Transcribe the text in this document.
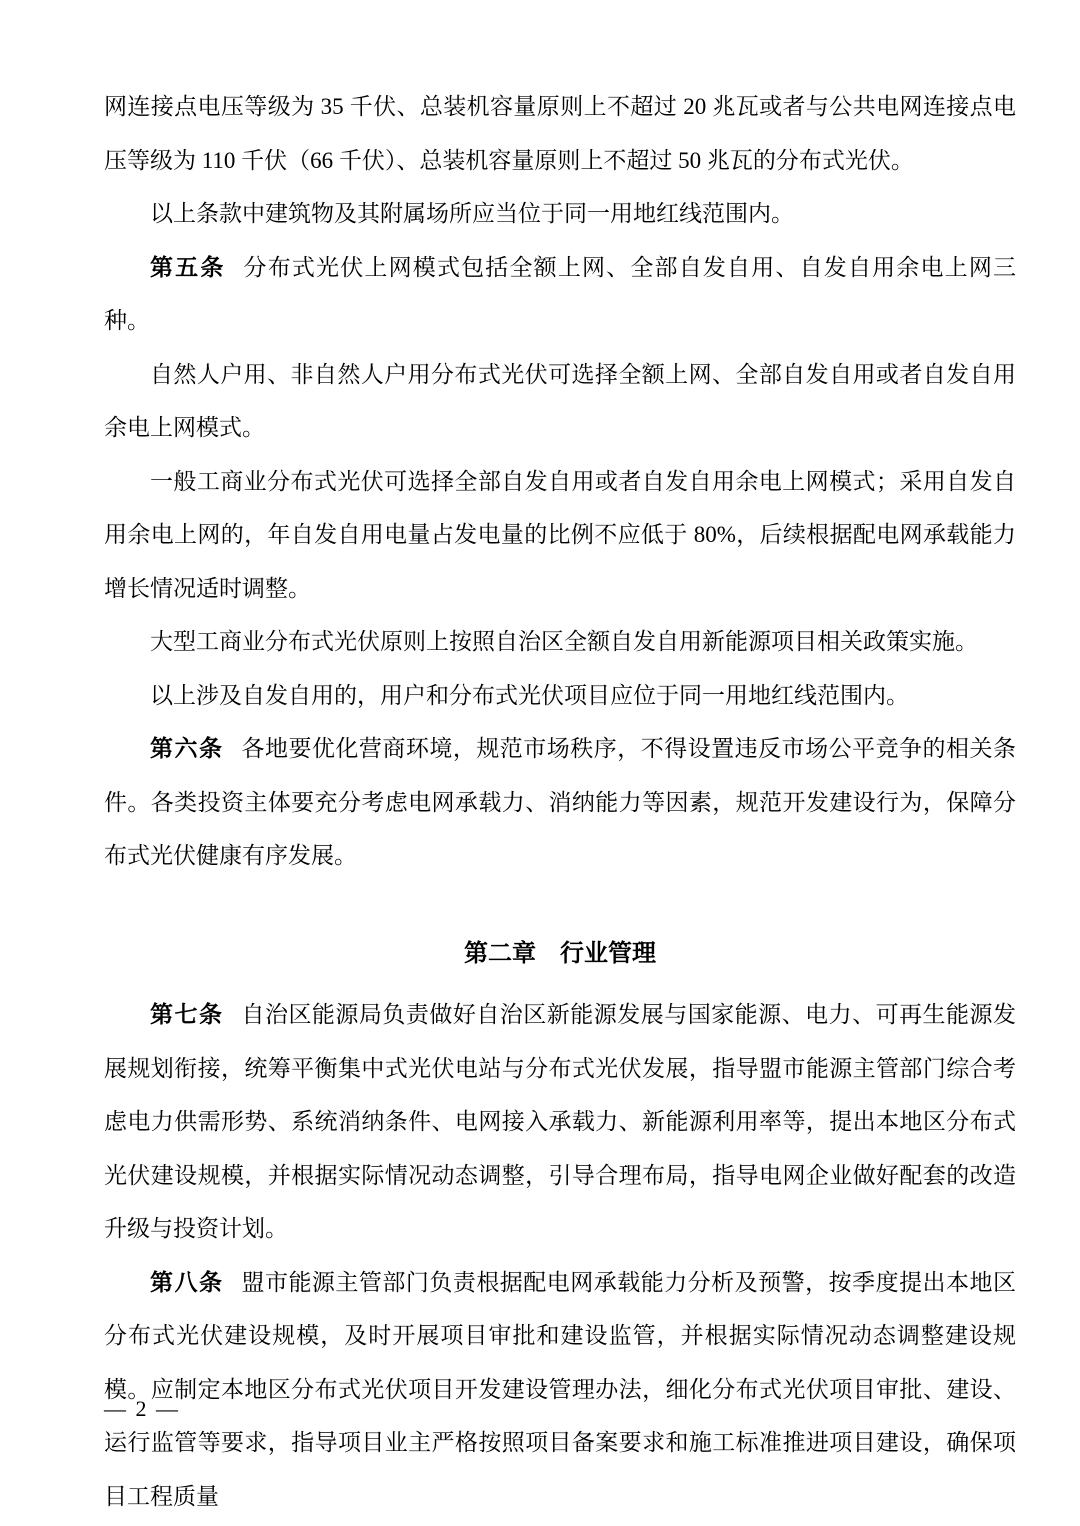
网连接点电压等级为 35 千伏、总装机容量原则上不超过 20 兆瓦或者与公共电网连接点电压等级为 110 千伏（66 千伏）、总装机容量原则上不超过 50 兆瓦的分布式光伏。

以上条款中建筑物及其附属场所应当位于同一用地红线范围内。

第五条 分布式光伏上网模式包括全额上网、全部自发自用、自发自用余电上网三种。

自然人户用、非自然人户用分布式光伏可选择全额上网、全部自发自用或者自发自用余电上网模式。

一般工商业分布式光伏可选择全部自发自用或者自发自用余电上网模式；采用自发自用余电上网的，年自发自用电量占发电量的比例不应低于 80%，后续根据配电网承载能力增长情况适时调整。

大型工商业分布式光伏原则上按照自治区全额自发自用新能源项目相关政策实施。

以上涉及自发自用的，用户和分布式光伏项目应位于同一用地红线范围内。

第六条 各地要优化营商环境，规范市场秩序，不得设置违反市场公平竞争的相关条件。各类投资主体要充分考虑电网承载力、消纳能力等因素，规范开发建设行为，保障分布式光伏健康有序发展。

第二章 行业管理

第七条 自治区能源局负责做好自治区新能源发展与国家能源、电力、可再生能源发展规划衔接，统筹平衡集中式光伏电站与分布式光伏发展，指导盟市能源主管部门综合考虑电力供需形势、系统消纳条件、电网接入承载力、新能源利用率等，提出本地区分布式光伏建设规模，并根据实际情况动态调整，引导合理布局，指导电网企业做好配套的改造升级与投资计划。

第八条 盟市能源主管部门负责根据配电网承载能力分析及预警，按季度提出本地区分布式光伏建设规模，及时开展项目审批和建设监管，并根据实际情况动态调整建设规模。应制定本地区分布式光伏项目开发建设管理办法，细化分布式光伏项目审批、建设、运行监管等要求，指导项目业主严格按照项目备案要求和施工标准推进项目建设，确保项目工程质量

— 2 —
